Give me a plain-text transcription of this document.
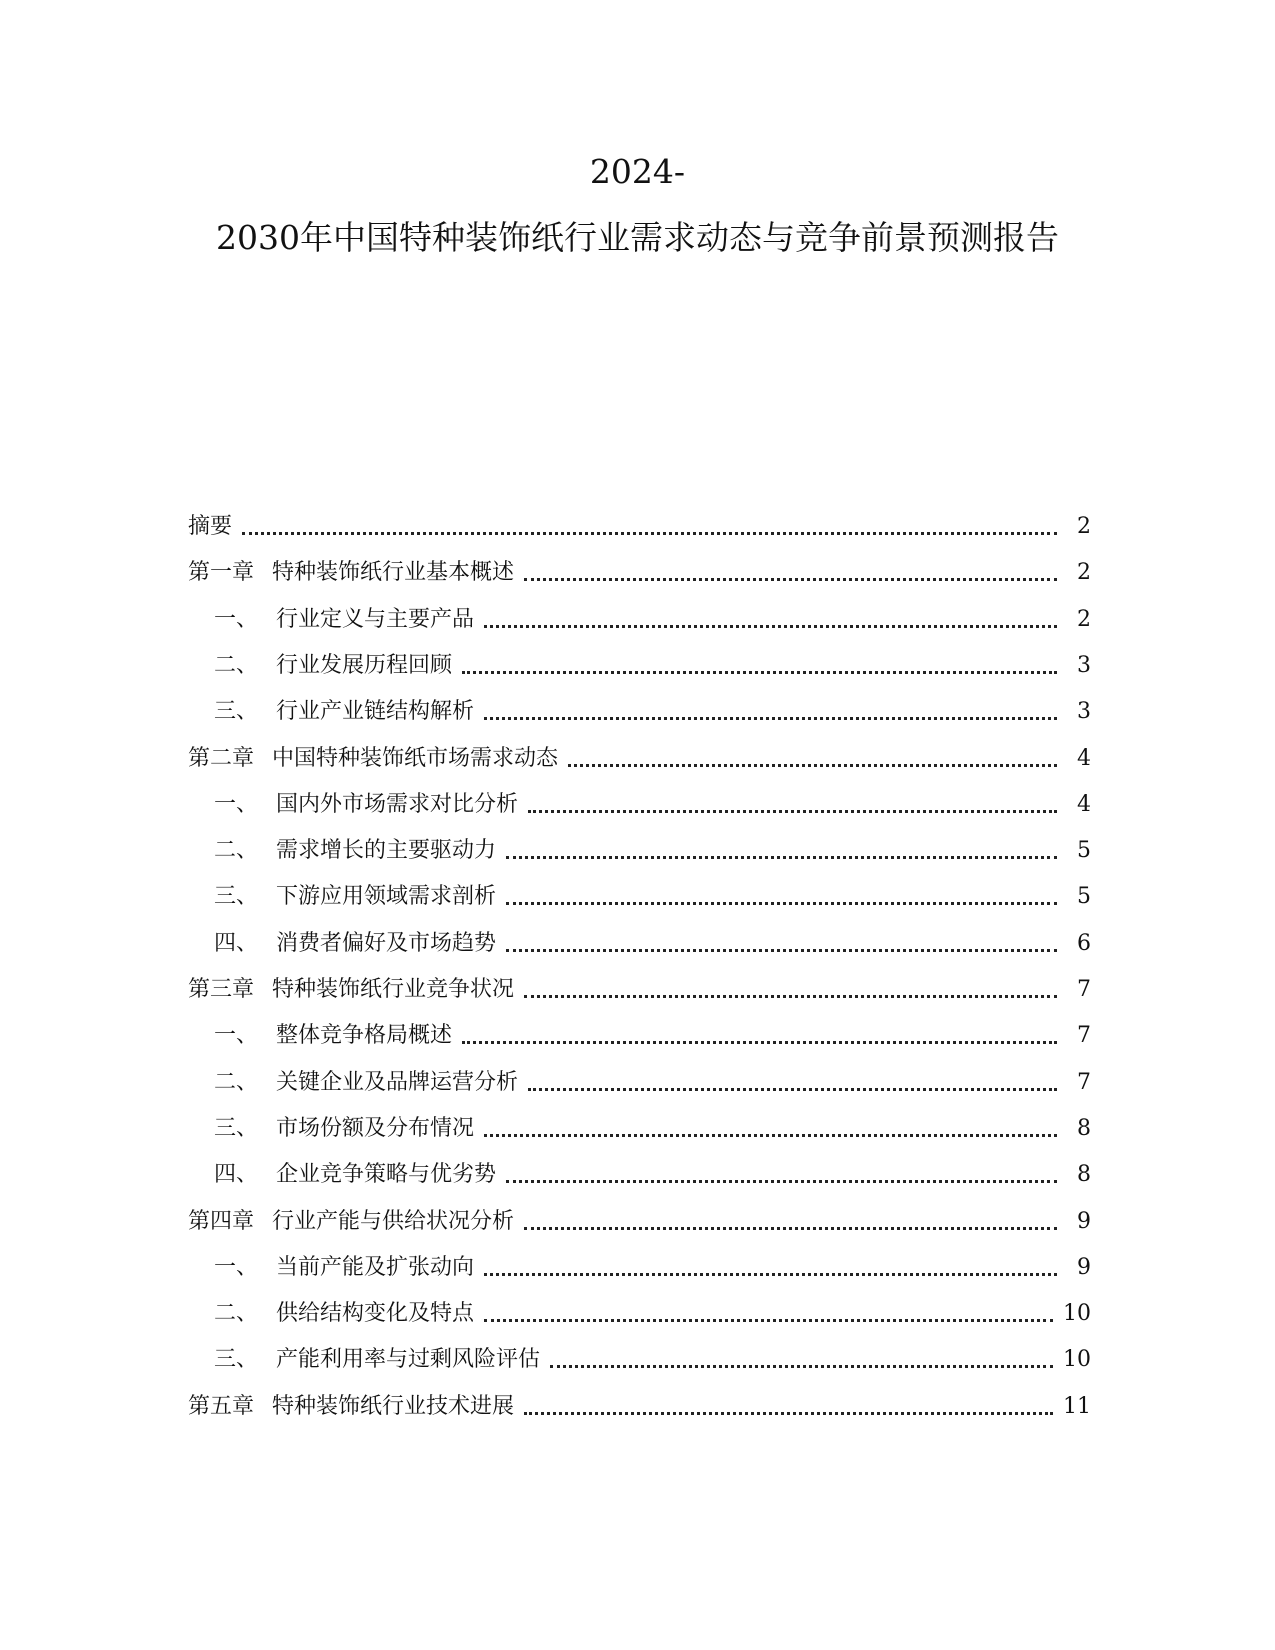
2024-
2030年中国特种装饰纸行业需求动态与竞争前景预测报告
摘要	2
第一章 特种装饰纸行业基本概述	2
一、 行业定义与主要产品	2
二、 行业发展历程回顾	3
三、 行业产业链结构解析	3
第二章 中国特种装饰纸市场需求动态	4
一、 国内外市场需求对比分析	4
二、 需求增长的主要驱动力	5
三、 下游应用领域需求剖析	5
四、 消费者偏好及市场趋势	6
第三章 特种装饰纸行业竞争状况	7
一、 整体竞争格局概述	7
二、 关键企业及品牌运营分析	7
三、 市场份额及分布情况	8
四、 企业竞争策略与优劣势	8
第四章 行业产能与供给状况分析	9
一、 当前产能及扩张动向	9
二、 供给结构变化及特点	10
三、 产能利用率与过剩风险评估	10
第五章 特种装饰纸行业技术进展	11
